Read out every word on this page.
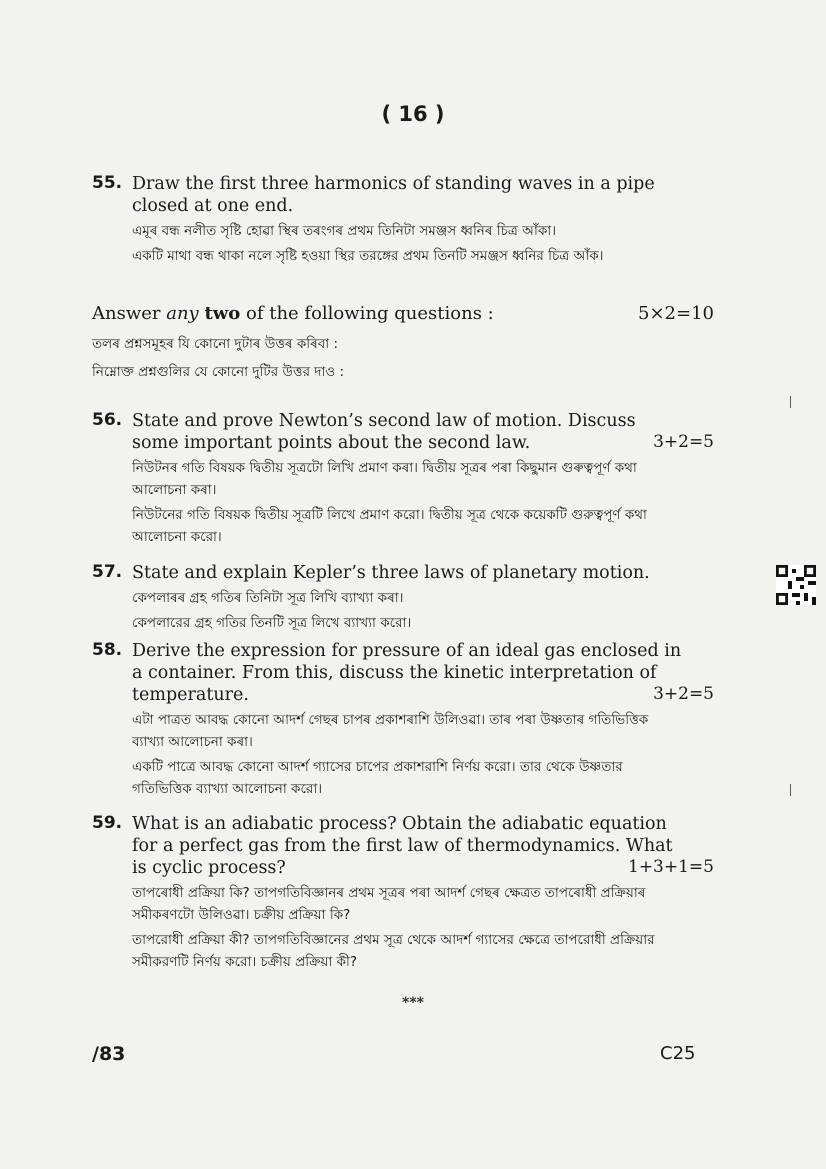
( 16 )
55. Draw the first three harmonics of standing waves in a pipe closed at one end.
এমূৰ বন্ধ নলীত সৃষ্টি হোৱা স্থিৰ তৰংগৰ প্ৰথম তিনিটা সমঞ্জস ধ্বনিৰ চিত্ৰ আঁকা।
একটি মাথা বন্ধ থাকা নলে সৃষ্টি হওয়া স্থির তরঙ্গের প্রথম তিনটি সমঞ্জস ধ্বনির চিত্র আঁক।
Answer any two of the following questions :	5×2=10
তলৰ প্ৰশ্নসমূহৰ যি কোনো দুটাৰ উত্তৰ কৰিবা :
নিম্নোক্ত প্রশ্নগুলির যে কোনো দুটির উত্তর দাও :
56. State and prove Newton’s second law of motion. Discuss some important points about the second law.	3+2=5
নিউটনৰ গতি বিষয়ক দ্বিতীয় সূত্ৰটো লিখি প্ৰমাণ কৰা। দ্বিতীয় সূত্ৰৰ পৰা কিছুমান গুৰুত্বপূৰ্ণ কথা আলোচনা কৰা।
নিউটনের গতি বিষয়ক দ্বিতীয় সূত্রটি লিখে প্রমাণ করো। দ্বিতীয় সূত্র থেকে কয়েকটি গুরুত্বপূর্ণ কথা আলোচনা করো।
57. State and explain Kepler’s three laws of planetary motion.
কেপলাৰৰ গ্ৰহ গতিৰ তিনিটা সূত্ৰ লিখি ব্যাখ্যা কৰা।
কেপলারের গ্রহ গতির তিনটি সূত্র লিখে ব্যাখ্যা করো।
58. Derive the expression for pressure of an ideal gas enclosed in a container. From this, discuss the kinetic interpretation of temperature.	3+2=5
এটা পাত্ৰত আবদ্ধ কোনো আদৰ্শ গেছৰ চাপৰ প্ৰকাশৰাশি উলিওৱা। তাৰ পৰা উষ্ণতাৰ গতিভিত্তিক ব্যাখ্যা আলোচনা কৰা।
একটি পাত্রে আবদ্ধ কোনো আদর্শ গ্যাসের চাপের প্রকাশরাশি নির্ণয় করো। তার থেকে উষ্ণতার গতিভিত্তিক ব্যাখ্যা আলোচনা করো।
59. What is an adiabatic process? Obtain the adiabatic equation for a perfect gas from the first law of thermodynamics. What is cyclic process?	1+3+1=5
তাপৰোধী প্ৰক্ৰিয়া কি? তাপগতিবিজ্ঞানৰ প্ৰথম সূত্ৰৰ পৰা আদৰ্শ গেছৰ ক্ষেত্ৰত তাপৰোধী প্ৰক্ৰিয়াৰ সমীকৰণটো উলিওৱা। চক্ৰীয় প্ৰক্ৰিয়া কি?
তাপরোধী প্রক্রিয়া কী? তাপগতিবিজ্ঞানের প্রথম সূত্র থেকে আদর্শ গ্যাসের ক্ষেত্রে তাপরোধী প্রক্রিয়ার সমীকরণটি নির্ণয় করো। চক্রীয় প্রক্রিয়া কী?
***
/83	C25
